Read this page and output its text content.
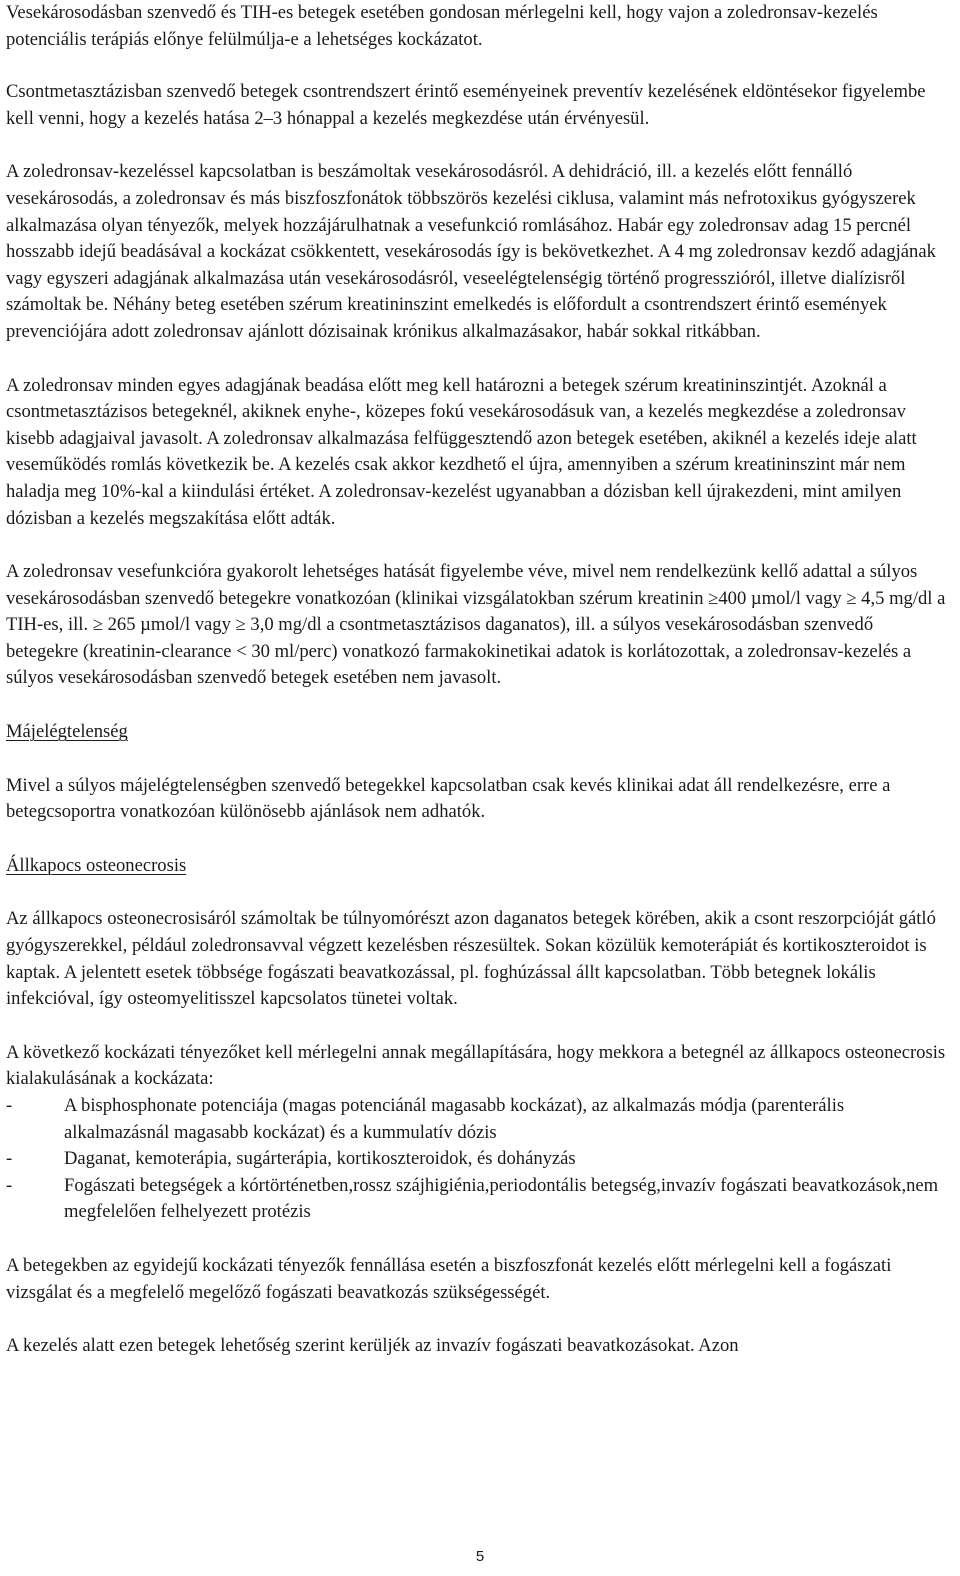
Vesekárosodásban szenvedő és TIH-es betegek esetében gondosan mérlegelni kell, hogy vajon a zoledronsav-kezelés potenciális terápiás előnye felülmúlja-e a lehetséges kockázatot.

Csontmetasztázisban szenvedő betegek csontrendszert érintő eseményeinek preventív kezelésének eldöntésekor figyelembe kell venni, hogy a kezelés hatása 2–3 hónappal a kezelés megkezdése után érvényesül.

A zoledronsav-kezeléssel kapcsolatban is beszámoltak vesekárosodásról. A dehidráció, ill. a kezelés előtt fennálló vesekárosodás, a zoledronsav és más biszfoszfonátok többszörös kezelési ciklusa, valamint más nefrotoxikus gyógyszerek alkalmazása olyan tényezők, melyek hozzájárulhatnak a vesefunkció romlásához. Habár egy zoledronsav adag 15 percnél hosszabb idejű beadásával a kockázat csökkentett, vesekárosodás így is bekövetkezhet. A 4 mg zoledronsav kezdő adagjának vagy egyszeri adagjának alkalmazása után vesekárosodásról, veseelégtelenségig történő progresszióról, illetve dialízisről számoltak be. Néhány beteg esetében szérum kreatininszint emelkedés is előfordult a csontrendszert érintő események prevenciójára adott zoledronsav ajánlott dózisainak krónikus alkalmazásakor, habár sokkal ritkábban.

A zoledronsav minden egyes adagjának beadása előtt meg kell határozni a betegek szérum kreatininszintjét. Azoknál a csontmetasztázisos betegeknél, akiknek enyhe-, közepes fokú vesekárosodásuk van, a kezelés megkezdése a zoledronsav kisebb adagjaival javasolt. A zoledronsav alkalmazása felfüggesztendő azon betegek esetében, akiknél a kezelés ideje alatt veseműködés romlás következik be. A kezelés csak akkor kezdhető el újra, amennyiben a szérum kreatininszint már nem haladja meg 10%-kal a kiindulási értéket. A zoledronsav-kezelést ugyanabban a dózisban kell újrakezdeni, mint amilyen dózisban a kezelés megszakítása előtt adták.

A zoledronsav vesefunkcióra gyakorolt lehetséges hatását figyelembe véve, mivel nem rendelkezünk kellő adattal a súlyos vesekárosodásban szenvedő betegekre vonatkozóan (klinikai vizsgálatokban szérum kreatinin ≥400 µmol/l vagy ≥ 4,5 mg/dl a TIH-es, ill. ≥ 265 µmol/l vagy ≥ 3,0 mg/dl a csontmetasztázisos daganatos), ill. a súlyos vesekárosodásban szenvedő betegekre (kreatinin-clearance < 30 ml/perc) vonatkozó farmakokinetikai adatok is korlátozottak, a zoledronsav-kezelés a súlyos vesekárosodásban szenvedő betegek esetében nem javasolt.

Májelégtelenség

Mivel a súlyos májelégtelenségben szenvedő betegekkel kapcsolatban csak kevés klinikai adat áll rendelkezésre, erre a betegcsoportra vonatkozóan különösebb ajánlások nem adhatók.

Állkapocs osteonecrosis

Az állkapocs osteonecrosisáról számoltak be túlnyomórészt azon daganatos betegek körében, akik a csont reszorpcióját gátló gyógyszerekkel, például zoledronsavval végzett kezelésben részesültek. Sokan közülük kemoterápiát és kortikoszteroidot is kaptak. A jelentett esetek többsége fogászati beavatkozással, pl. foghúzással állt kapcsolatban. Több betegnek lokális infekcióval, így osteomyelitisszel kapcsolatos tünetei voltak.

A következő kockázati tényezőket kell mérlegelni annak megállapítására, hogy mekkora a betegnél az állkapocs osteonecrosis kialakulásának a kockázata:

-	A bisphosphonate potenciája (magas potenciánál magasabb kockázat), az alkalmazás módja (parenterális alkalmazásnál magasabb kockázat) és a kummulatív dózis
-	Daganat, kemoterápia, sugárterápia, kortikoszteroidok, és dohányzás
-	Fogászati betegségek a kórtörténetben,rossz szájhigiénia,periodontális betegség,invazív fogászati beavatkozások,nem megfelelően felhelyezett protézis

A betegekben az egyidejű kockázati tényezők fennállása esetén a biszfoszfonát kezelés előtt mérlegelni kell a fogászati vizsgálat és a megfelelő megelőző fogászati beavatkozás szükségességét.

A kezelés alatt ezen betegek lehetőség szerint kerüljék az invazív fogászati beavatkozásokat. Azon

5
